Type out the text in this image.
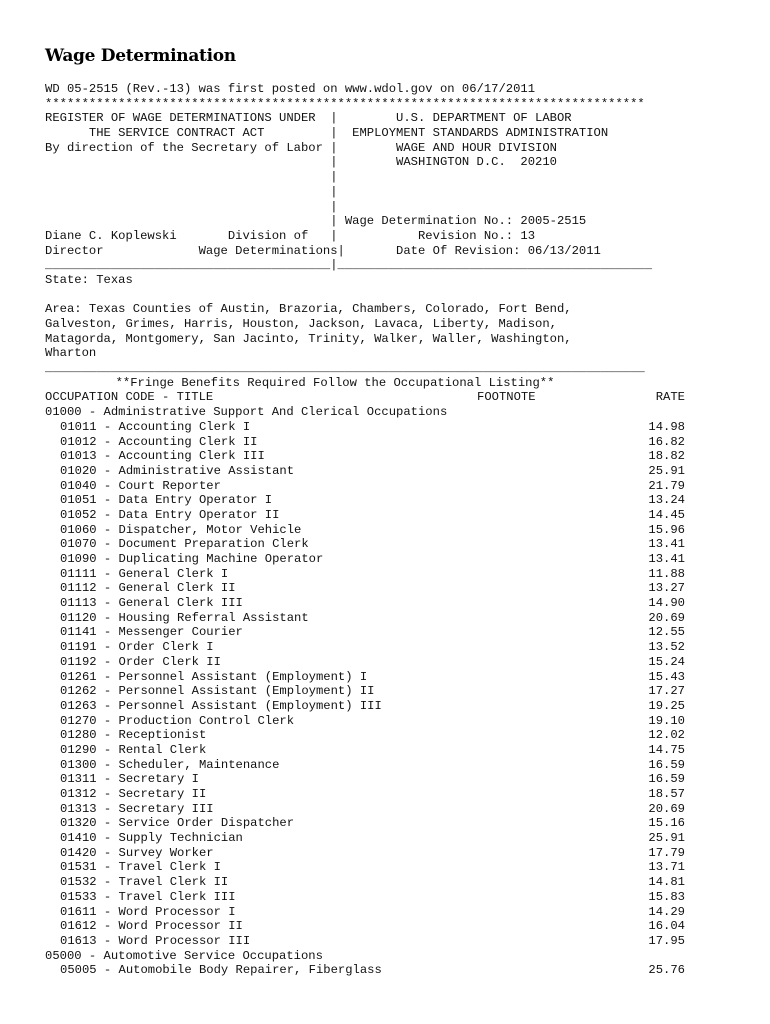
Wage Determination
WD 05-2515 (Rev.-13) was first posted on www.wdol.gov on 06/17/2011
**********************************************************************************
REGISTER OF WAGE DETERMINATIONS UNDER  |        U.S. DEPARTMENT OF LABOR
THE SERVICE CONTRACT ACT         |  EMPLOYMENT STANDARDS ADMINISTRATION
By direction of the Secretary of Labor |        WAGE AND HOUR DIVISION
|        WASHINGTON D.C.  20210
|
|
|
| Wage Determination No.: 2005-2515
Diane C. Koplewski       Division of   |           Revision No.: 13
Director             Wage Determinations|       Date Of Revision: 06/13/2011
_______________________________________|___________________________________________
State: Texas
Area: Texas Counties of Austin, Brazoria, Chambers, Colorado, Fort Bend,
Galveston, Grimes, Harris, Houston, Jackson, Lavaca, Liberty, Madison,
Matagorda, Montgomery, San Jacinto, Trinity, Walker, Waller, Washington,
Wharton
__________________________________________________________________________________
**Fringe Benefits Required Follow the Occupational Listing**
OCCUPATION CODE - TITLE	FOOTNOTE	RATE
01000 - Administrative Support And Clerical Occupations
01011 - Accounting Clerk I	14.98
01012 - Accounting Clerk II	16.82
01013 - Accounting Clerk III	18.82
01020 - Administrative Assistant	25.91
01040 - Court Reporter	21.79
01051 - Data Entry Operator I	13.24
01052 - Data Entry Operator II	14.45
01060 - Dispatcher, Motor Vehicle	15.96
01070 - Document Preparation Clerk	13.41
01090 - Duplicating Machine Operator	13.41
01111 - General Clerk I	11.88
01112 - General Clerk II	13.27
01113 - General Clerk III	14.90
01120 - Housing Referral Assistant	20.69
01141 - Messenger Courier	12.55
01191 - Order Clerk I	13.52
01192 - Order Clerk II	15.24
01261 - Personnel Assistant (Employment) I	15.43
01262 - Personnel Assistant (Employment) II	17.27
01263 - Personnel Assistant (Employment) III	19.25
01270 - Production Control Clerk	19.10
01280 - Receptionist	12.02
01290 - Rental Clerk	14.75
01300 - Scheduler, Maintenance	16.59
01311 - Secretary I	16.59
01312 - Secretary II	18.57
01313 - Secretary III	20.69
01320 - Service Order Dispatcher	15.16
01410 - Supply Technician	25.91
01420 - Survey Worker	17.79
01531 - Travel Clerk I	13.71
01532 - Travel Clerk II	14.81
01533 - Travel Clerk III	15.83
01611 - Word Processor I	14.29
01612 - Word Processor II	16.04
01613 - Word Processor III	17.95
05000 - Automotive Service Occupations
05005 - Automobile Body Repairer, Fiberglass	25.76
